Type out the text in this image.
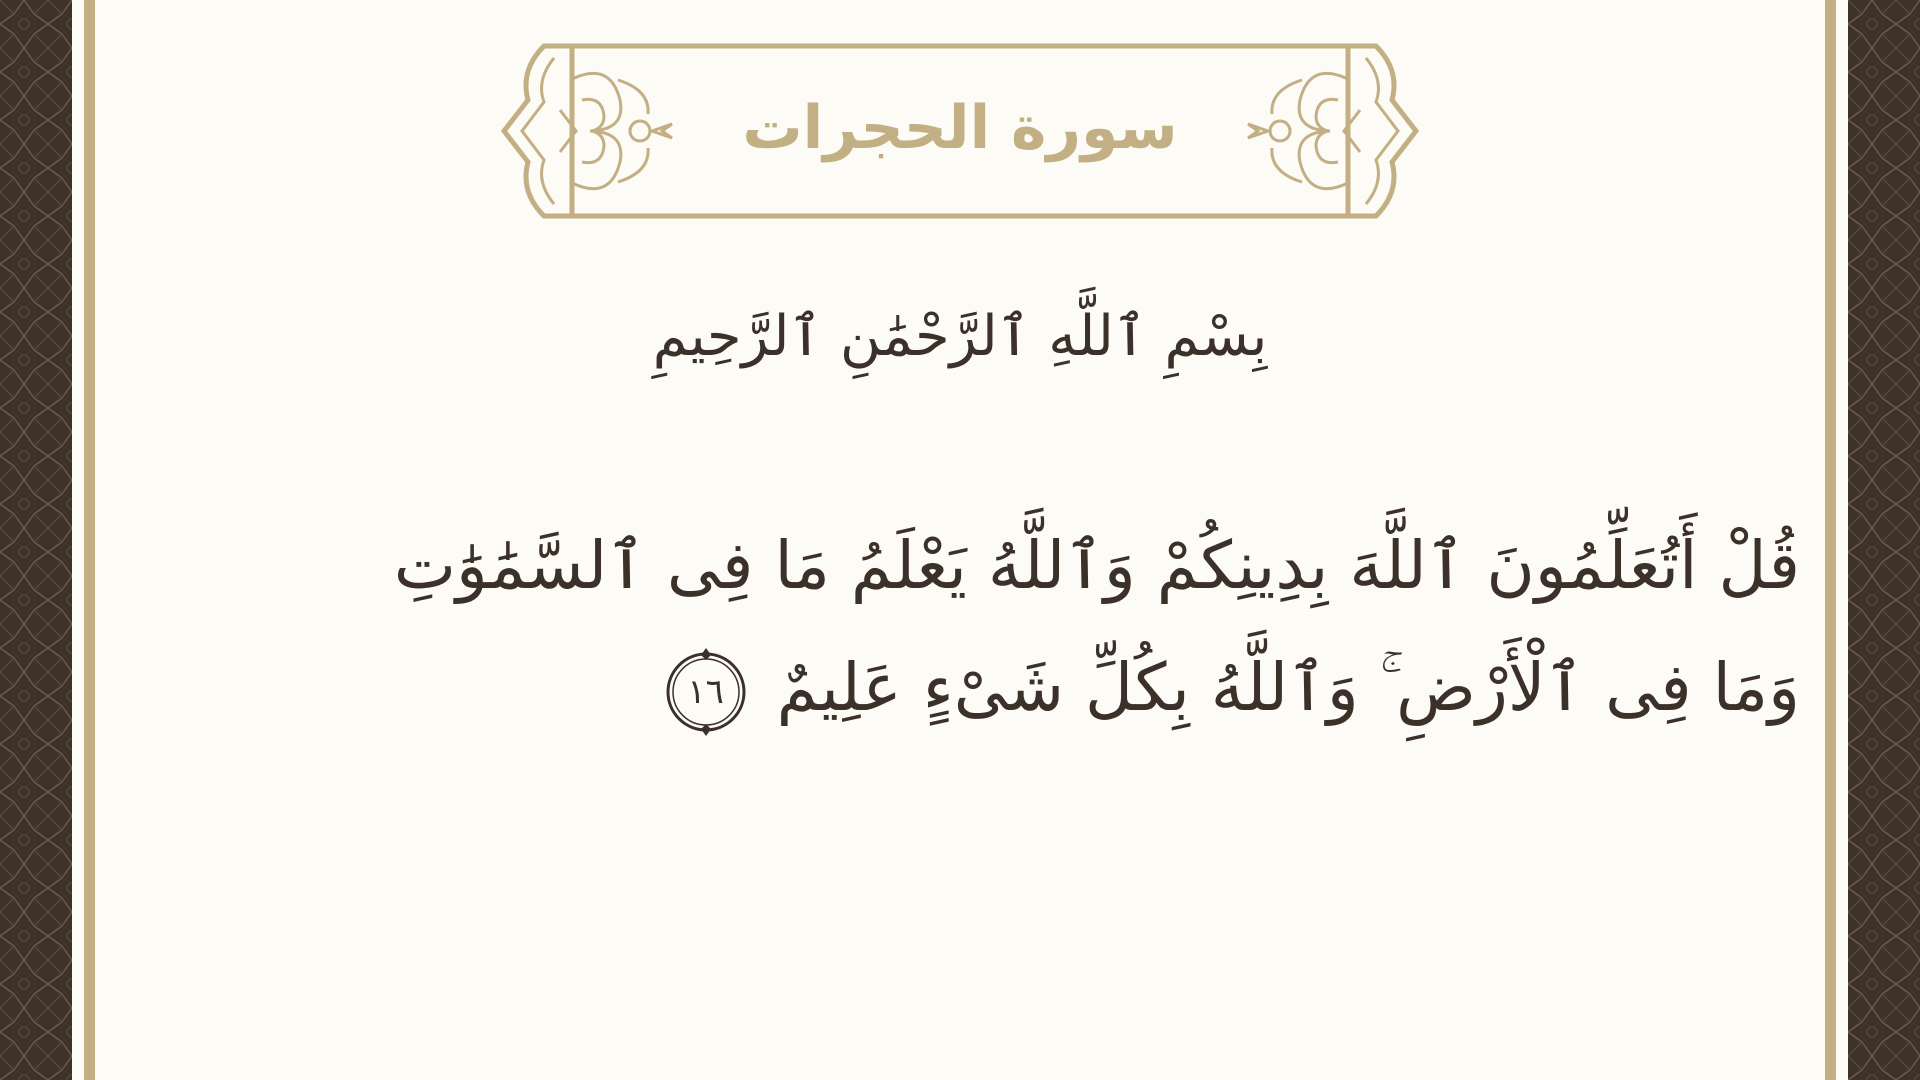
سورة الحجرات
بِسْمِ ٱللَّهِ ٱلرَّحْمَٰنِ ٱلرَّحِيمِ
قُلْ أَتُعَلِّمُونَ ٱللَّهَ بِدِينِكُمْ وَٱللَّهُ يَعْلَمُ مَا فِى ٱلسَّمَٰوَٰتِ وَمَا فِى ٱلْأَرْضِ ۚ وَٱللَّهُ بِكُلِّ شَىْءٍ عَلِيمٌ
١٦
